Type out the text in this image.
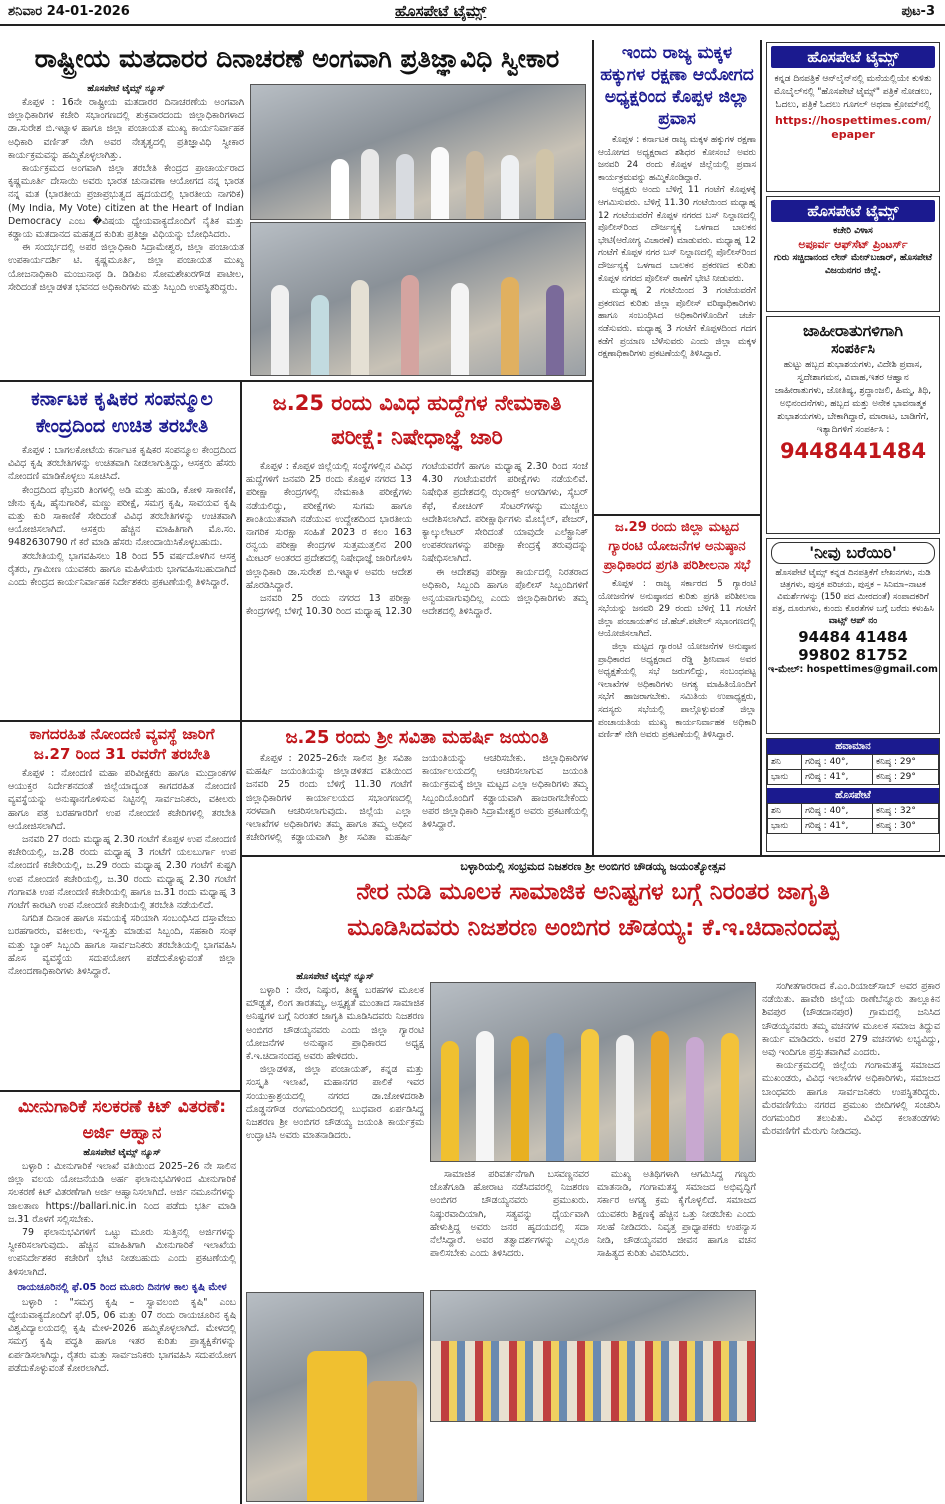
ಶನಿವಾರ 24-01-2026	ಹೊಸಪೇಟೆ ಟೈಮ್ಸ್	ಪುಟ-3
ರಾಷ್ಟ್ರೀಯ ಮತದಾರರ ದಿನಾಚರಣೆ ಅಂಗವಾಗಿ ಪ್ರತಿಜ್ಞಾವಿಧಿ ಸ್ವೀಕಾರ
ಹೊಸಪೇಟೆ ಟೈಮ್ಸ್ ನ್ಯೂಸ್

ಕೊಪ್ಪಳ : 16ನೇ ರಾಷ್ಟ್ರೀಯ ಮತದಾರರ ದಿನಾಚರಣೆಯ ಅಂಗವಾಗಿ ಜಿಲ್ಲಾಧಿಕಾರಿಗಳ ಕಚೇರಿ ಸಭಾಂಗಣದಲ್ಲಿ ಶುಕ್ರವಾರದಂದು ಜಿಲ್ಲಾಧಿಕಾರಿಗಳಾದ ಡಾ.ಸುರೇಶ ಬಿ.ಇಟ್ನಾಳ ಹಾಗೂ ಜಿಲ್ಲಾ ಪಂಚಾಯತ ಮುಖ್ಯ ಕಾರ್ಯನಿರ್ವಾಹಕ ಅಧಿಕಾರಿ ವರ್ಣಿತ್ ನೇಗಿ ಅವರ ನೇತೃತ್ವದಲ್ಲಿ ಪ್ರತಿಜ್ಞಾವಿಧಿ ಸ್ವೀಕಾರ ಕಾರ್ಯಕ್ರಮವನ್ನು ಹಮ್ಮಿಕೊಳ್ಳಲಾಗಿತ್ತು.

ಕಾರ್ಯಕ್ರಮದ ಅಂಗವಾಗಿ ಜಿಲ್ಲಾ ತರಬೇತಿ ಕೇಂದ್ರದ ಪ್ರಾಚಾರ್ಯರಾದ ಕೃಷ್ಣಮೂರ್ತಿ ದೇಸಾಯಿ ಅವರು ಭಾರತ ಚುನಾವಣಾ ಆಯೋಗದ ನನ್ನ ಭಾರತ ನನ್ನ ಮತ (ಭಾರತೀಯ ಪ್ರಜಾಪ್ರಭುತ್ವದ ಹೃದಯದಲ್ಲಿ ಭಾರತೀಯ ನಾಗರಿಕ) (My India, My Vote) citizen at the Heart of Indian Democracy ಎಂಬ �ವಿಷಯ ಧ್ಯೇಯವಾಕ್ಯದೊಂದಿಗೆ ನೈತಿಕ ಮತ್ತು ಕಡ್ಡಾಯ ಮತದಾನದ ಮಹತ್ವದ ಕುರಿತು ಪ್ರತಿಜ್ಞಾ ವಿಧಿಯನ್ನು ಬೋಧಿಸಿದರು.

ಈ ಸಂದರ್ಭದಲ್ಲಿ ಅಪರ ಜಿಲ್ಲಾಧಿಕಾರಿ ಸಿದ್ರಾಮೇಶ್ವರ, ಜಿಲ್ಲಾ ಪಂಚಾಯತ ಉಪಕಾರ್ಯದರ್ಶಿ ಟಿ. ಕೃಷ್ಣಮೂರ್ತಿ, ಜಿಲ್ಲಾ ಪಂಚಾಯತ ಮುಖ್ಯ ಯೋಜನಾಧಿಕಾರಿ ಮಂಜುನಾಥ ಡಿ. ಡಿಡಿಪಿಐ ಸೋಮಶೇಖರಗೌಡ ಪಾಟೀಲ, ಸೇರಿದಂತೆ ಜಿಲ್ಲಾಡಳಿತ ಭವನದ ಅಧಿಕಾರಿಗಳು ಮತ್ತು ಸಿಬ್ಬಂದಿ ಉಪಸ್ಥಿತರಿದ್ದರು.

ಇಂದು ರಾಜ್ಯ ಮಕ್ಕಳ ಹಕ್ಕುಗಳ ರಕ್ಷಣಾ ಆಯೋಗದ ಅಧ್ಯಕ್ಷರಿಂದ ಕೊಪ್ಪಳ ಜಿಲ್ಲಾ ಪ್ರವಾಸ

ಕೊಪ್ಪಳ : ಕರ್ನಾಟಕ ರಾಜ್ಯ ಮಕ್ಕಳ ಹಕ್ಕುಗಳ ರಕ್ಷಣಾ ಆಯೋಗದ ಅಧ್ಯಕ್ಷರಾದ ಶಶಿಧರ ಕೋಸಂಬೆ ಅವರು ಜನವರಿ 24 ರಂದು ಕೊಪ್ಪಳ ಜಿಲ್ಲೆಯಲ್ಲಿ ಪ್ರವಾಸ ಕಾರ್ಯಕ್ರಮವನ್ನು ಹಮ್ಮಿಕೊಂಡಿದ್ದಾರೆ.

ಅಧ್ಯಕ್ಷರು ಅಂದು ಬೆಳಿಗ್ಗೆ 11 ಗಂಟೆಗೆ ಕೊಪ್ಪಳಕ್ಕೆ ಆಗಮಿಸುವರು. ಬೆಳಿಗ್ಗೆ 11.30 ಗಂಟೆಯಿಂದ ಮಧ್ಯಾಹ್ನ 12 ಗಂಟೆಯವರೆಗೆ ಕೊಪ್ಪಳ ನಗರದ ಬಸ್ ನಿಲ್ದಾಣದಲ್ಲಿ ಪೊಲೀಸ್‌ರಿಂದ ದೌರ್ಜನ್ಯಕ್ಕೆ ಒಳಗಾದ ಬಾಲಕನ ಭೇಟಿ(ಆರೋಗ್ಯ ವಿಚಾರಣೆ) ಮಾಡುವರು. ಮಧ್ಯಾಹ್ನ 12 ಗಂಟೆಗೆ ಕೊಪ್ಪಳ ನಗರ ಬಸ್ ನಿಲ್ದಾಣದಲ್ಲಿ ಪೊಲೀಸ್‌ರಿಂದ ದೌರ್ಜನ್ಯಕ್ಕೆ ಒಳಗಾದ ಬಾಲಕನ ಪ್ರಕರಣದ ಕುರಿತು ಕೊಪ್ಪಳ ನಗರದ ಪೊಲೀಸ್ ಠಾಣೆಗೆ ಭೇಟಿ ನೀಡುವರು.

ಮಧ್ಯಾಹ್ನ 2 ಗಂಟೆಯಿಂದ 3 ಗಂಟೆಯವರೆಗೆ ಪ್ರಕರಣದ ಕುರಿತು ಜಿಲ್ಲಾ ಪೊಲೀಸ್ ವರಿಷ್ಠಾಧಿಕಾರಿಗಳು ಹಾಗೂ ಸಂಬಂಧಿಸಿದ ಅಧಿಕಾರಿಗಳೊಂದಿಗೆ ಚರ್ಚೆ ನಡೆಸುವರು. ಮಧ್ಯಾಹ್ನ 3 ಗಂಟೆಗೆ ಕೊಪ್ಪಳದಿಂದ ಗದಗ ಕಡೆಗೆ ಪ್ರಯಾಣ ಬೆಳೆಸುವರು ಎಂದು ಜಿಲ್ಲಾ ಮಕ್ಕಳ ರಕ್ಷಣಾಧಿಕಾರಿಗಳು ಪ್ರಕಟಣೆಯಲ್ಲಿ ತಿಳಿಸಿದ್ದಾರೆ.

ಜ.29 ರಂದು ಜಿಲ್ಲಾ ಮಟ್ಟದ ಗ್ಯಾರಂಟಿ ಯೋಜನೆಗಳ ಅನುಷ್ಠಾನ ಪ್ರಾಧಿಕಾರದ ಪ್ರಗತಿ ಪರಿಶೀಲನಾ ಸಭೆ

ಕೊಪ್ಪಳ : ರಾಜ್ಯ ಸರ್ಕಾರದ 5 ಗ್ಯಾರಂಟಿ ಯೋಜನೆಗಳ ಅನುಷ್ಠಾನದ ಕುರಿತು ಪ್ರಗತಿ ಪರಿಶೀಲನಾ ಸಭೆಯನ್ನು ಜನವರಿ 29 ರಂದು ಬೆಳಿಗ್ಗೆ 11 ಗಂಟೆಗೆ ಜಿಲ್ಲಾ ಪಂಚಾಯತ್‌ನ ಜೆ.ಹೆಚ್.ಪಟೇಲ್ ಸಭಾಂಗಣದಲ್ಲಿ ಆಯೋಜಿಸಲಾಗಿದೆ.

ಜಿಲ್ಲಾ ಮಟ್ಟದ ಗ್ಯಾರಂಟಿ ಯೋಜನೆಗಳ ಅನುಷ್ಠಾನ ಪ್ರಾಧಿಕಾರದ ಅಧ್ಯಕ್ಷರಾದ ರೆಡ್ಡಿ ಶ್ರೀನಿವಾಸ ಅವರ ಅಧ್ಯಕ್ಷತೆಯಲ್ಲಿ ಸಭೆ ಜರುಗಲಿದ್ದು, ಸಂಬಂಧಪಟ್ಟ ಇಲಾಖೆಗಳ ಅಧಿಕಾರಿಗಳು ಅಗತ್ಯ ಮಾಹಿತಿಯೊಂದಿಗೆ ಸಭೆಗೆ ಹಾಜರಾಗಬೇಕು. ಸಮಿತಿಯ ಉಪಾಧ್ಯಕ್ಷರು, ಸದಸ್ಯರು ಸಭೆಯಲ್ಲಿ ಪಾಲ್ಗೊಳ್ಳುವಂತೆ ಜಿಲ್ಲಾ ಪಂಚಾಯತಿಯ ಮುಖ್ಯ ಕಾರ್ಯನಿರ್ವಾಹಕ ಅಧಿಕಾರಿ ವರ್ಣಿತ್ ನೇಗಿ ಅವರು ಪ್ರಕಟಣೆಯಲ್ಲಿ ತಿಳಿಸಿದ್ದಾರೆ.

ಕರ್ನಾಟಕ ಕೃಷಿಕರ ಸಂಪನ್ಮೂಲ ಕೇಂದ್ರದಿಂದ ಉಚಿತ ತರಬೇತಿ

ಕೊಪ್ಪಳ : ಬಾಗಲಕೋಟೆಯ ಕರ್ನಾಟಕ ಕೃಷಿಕರ ಸಂಪನ್ಮೂಲ ಕೇಂದ್ರದಿಂದ ವಿವಿಧ ಕೃಷಿ ತರಬೇತಿಗಳನ್ನು ಉಚಿತವಾಗಿ ನೀಡಲಾಗುತ್ತಿದ್ದು, ಆಸಕ್ತರು ಹೆಸರು ನೋಂದಣಿ ಮಾಡಿಕೊಳ್ಳಲು ಸೂಚಿಸಿದೆ.

ಕೇಂದ್ರದಿಂದ ಫೆಬ್ರವರಿ ತಿಂಗಳಲ್ಲಿ ಅಡಿ ಮತ್ತು ಹುಂಡಿ, ಕೋಳಿ ಸಾಕಾಣಿಕೆ, ಜೇನು ಕೃಷಿ, ಹೈನುಗಾರಿಕೆ, ಮಣ್ಣು ಪರೀಕ್ಷೆ, ಸಮಗ್ರ ಕೃಷಿ, ಸಾವಯವ ಕೃಷಿ ಮತ್ತು ಕುರಿ ಸಾಕಾಣಿಕೆ ಸೇರಿದಂತೆ ವಿವಿಧ ತರಬೇತಿಗಳನ್ನು ಉಚಿತವಾಗಿ ಆಯೋಜಿಸಲಾಗಿದೆ. ಆಸಕ್ತರು ಹೆಚ್ಚಿನ ಮಾಹಿತಿಗಾಗಿ ಮೊ.ಸಂ. 9482630790 ಗೆ ಕರೆ ಮಾಡಿ ಹೆಸರು ನೋಂದಾಯಿಸಿಕೊಳ್ಳಬಹುದು.

ತರಬೇತಿಯಲ್ಲಿ ಭಾಗವಹಿಸಲು 18 ರಿಂದ 55 ವರ್ಷದೊಳಗಿನ ಆಸಕ್ತ ರೈತರು, ಗ್ರಾಮೀಣ ಯುವಕರು ಹಾಗೂ ಮಹಿಳೆಯರು ಭಾಗವಹಿಸಬಹುದಾಗಿದೆ ಎಂದು ಕೇಂದ್ರದ ಕಾರ್ಯನಿರ್ವಾಹಕ ನಿರ್ದೇಶಕರು ಪ್ರಕಟಣೆಯಲ್ಲಿ ತಿಳಿಸಿದ್ದಾರೆ.

ಕಾಗದರಹಿತ ನೋಂದಣಿ ವ್ಯವಸ್ಥೆ ಜಾರಿಗೆ
ಜ.27 ರಿಂದ 31 ರವರೆಗೆ ತರಬೇತಿ

ಕೊಪ್ಪಳ : ನೋಂದಣಿ ಮಹಾ ಪರಿವೀಕ್ಷಕರು ಹಾಗೂ ಮುದ್ರಾಂಕಗಳ ಆಯುಕ್ತರ ನಿರ್ದೇಶನದಂತೆ ಜಿಲ್ಲೆಯಾದ್ಯಂತ ಕಾಗದರಹಿತ ನೋಂದಣಿ ವ್ಯವಸ್ಥೆಯನ್ನು ಅನುಷ್ಠಾನಗೊಳಿಸುವ ನಿಟ್ಟಿನಲ್ಲಿ ಸಾರ್ವಜನಿಕರು, ವಕೀಲರು ಹಾಗೂ ಪತ್ರ ಬರಹಗಾರರಿಗೆ ಉಪ ನೋಂದಣಿ ಕಚೇರಿಗಳಲ್ಲಿ ತರಬೇತಿ ಆಯೋಜಿಸಲಾಗಿದೆ.

ಜನವರಿ 27 ರಂದು ಮಧ್ಯಾಹ್ನ 2.30 ಗಂಟೆಗೆ ಕೊಪ್ಪಳ ಉಪ ನೋಂದಣಿ ಕಚೇರಿಯಲ್ಲಿ, ಜ.28 ರಂದು ಮಧ್ಯಾಹ್ನ 3 ಗಂಟೆಗೆ ಯಲಬುರ್ಗಾ ಉಪ ನೋಂದಣಿ ಕಚೇರಿಯಲ್ಲಿ, ಜ.29 ರಂದು ಮಧ್ಯಾಹ್ನ 2.30 ಗಂಟೆಗೆ ಕುಷ್ಟಗಿ ಉಪ ನೋಂದಣಿ ಕಚೇರಿಯಲ್ಲಿ, ಜ.30 ರಂದು ಮಧ್ಯಾಹ್ನ 2.30 ಗಂಟೆಗೆ ಗಂಗಾವತಿ ಉಪ ನೋಂದಣಿ ಕಚೇರಿಯಲ್ಲಿ ಹಾಗೂ ಜ.31 ರಂದು ಮಧ್ಯಾಹ್ನ 3 ಗಂಟೆಗೆ ಕಾರಟಗಿ ಉಪ ನೋಂದಣಿ ಕಚೇರಿಯಲ್ಲಿ ತರಬೇತಿ ನಡೆಯಲಿದೆ.

ನಿಗದಿತ ದಿನಾಂಕ ಹಾಗೂ ಸಮಯಕ್ಕೆ ಸರಿಯಾಗಿ ಸಂಬಂಧಿಸಿದ ದಸ್ತಾವೇಜು ಬರಹಗಾರರು, ವಕೀಲರು, ಇ-ಸ್ವತ್ತು ಮಾಡುವ ಸಿಬ್ಬಂದಿ, ಸಹಕಾರಿ ಸಂಘ ಮತ್ತು ಬ್ಯಾಂಕ್ ಸಿಬ್ಬಂದಿ ಹಾಗೂ ಸಾರ್ವಜನಿಕರು ತರಬೇತಿಯಲ್ಲಿ ಭಾಗವಹಿಸಿ ಹೊಸ ವ್ಯವಸ್ಥೆಯ ಸದುಪಯೋಗ ಪಡೆದುಕೊಳ್ಳುವಂತೆ ಜಿಲ್ಲಾ ನೋಂದಣಾಧಿಕಾರಿಗಳು ತಿಳಿಸಿದ್ದಾರೆ.

ಮೀನುಗಾರಿಕೆ ಸಲಕರಣೆ ಕಿಟ್ ವಿತರಣೆ: ಅರ್ಜಿ ಆಹ್ವಾನ
ಹೊಸಪೇಟೆ ಟೈಮ್ಸ್ ನ್ಯೂಸ್

ಬಳ್ಳಾರಿ : ಮೀನುಗಾರಿಕೆ ಇಲಾಖೆ ವತಿಯಿಂದ 2025–26 ನೇ ಸಾಲಿನ ಜಿಲ್ಲಾ ವಲಯ ಯೋಜನೆಯಡಿ ಅರ್ಹ ಫಲಾನುಭವಿಗಳಿಂದ ಮೀನುಗಾರಿಕೆ ಸಲಕರಣೆ ಕಿಟ್ ವಿತರಣೆಗಾಗಿ ಅರ್ಜಿ ಆಹ್ವಾನಿಸಲಾಗಿದೆ. ಅರ್ಜಿ ನಮೂನೆಗಳನ್ನು ಜಾಲತಾಣ https://ballari.nic.in ನಿಂದ ಪಡೆದು ಭರ್ತಿ ಮಾಡಿ ಜ.31 ರೊಳಗೆ ಸಲ್ಲಿಸಬೇಕು.

79 ಫಲಾನುಭವಿಗಳಿಗೆ ಒಟ್ಟು ಮೂರು ಸುತ್ತಿನಲ್ಲಿ ಅರ್ಜಿಗಳನ್ನು ಸ್ವೀಕರಿಸಲಾಗುವುದು. ಹೆಚ್ಚಿನ ಮಾಹಿತಿಗಾಗಿ ಮೀನುಗಾರಿಕೆ ಇಲಾಖೆಯ ಉಪನಿರ್ದೇಶಕರ ಕಚೇರಿಗೆ ಭೇಟಿ ನೀಡಬಹುದು ಎಂದು ಪ್ರಕಟಣೆಯಲ್ಲಿ ತಿಳಿಸಲಾಗಿದೆ.

ರಾಯಚೂರಿನಲ್ಲಿ ಫೆ.05 ರಿಂದ ಮೂರು ದಿನಗಳ ಕಾಲ ಕೃಷಿ ಮೇಳ

ಬಳ್ಳಾರಿ : "ಸಮಗ್ರ ಕೃಷಿ – ಸ್ವಾವಲಂಬಿ ಕೃಷಿ" ಎಂಬ ಧ್ಯೇಯವಾಕ್ಯದೊಂದಿಗೆ ಫೆ.05, 06 ಮತ್ತು 07 ರಂದು ರಾಯಚೂರಿನ ಕೃಷಿ ವಿಶ್ವವಿದ್ಯಾಲಯದಲ್ಲಿ ಕೃಷಿ ಮೇಳ-2026 ಹಮ್ಮಿಕೊಳ್ಳಲಾಗಿದೆ. ಮೇಳದಲ್ಲಿ ಸಮಗ್ರ ಕೃಷಿ ಪದ್ಧತಿ ಹಾಗೂ ಇತರ ಕುರಿತು ಪ್ರಾತ್ಯಕ್ಷಿಕೆಗಳನ್ನು ಏರ್ಪಡಿಸಲಾಗಿದ್ದು, ರೈತರು ಮತ್ತು ಸಾರ್ವಜನಿಕರು ಭಾಗವಹಿಸಿ ಸದುಪಯೋಗ ಪಡೆದುಕೊಳ್ಳುವಂತೆ ಕೋರಲಾಗಿದೆ.

ಜ.25 ರಂದು ವಿವಿಧ ಹುದ್ದೆಗಳ ನೇಮಕಾತಿ ಪರೀಕ್ಷೆ: ನಿಷೇಧಾಜ್ಞೆ ಜಾರಿ

ಕೊಪ್ಪಳ : ಕೊಪ್ಪಳ ಜಿಲ್ಲೆಯಲ್ಲಿ ಸಂಸ್ಥೆಗಳಲ್ಲಿನ ವಿವಿಧ ಹುದ್ದೆಗಳಿಗೆ ಜನವರಿ 25 ರಂದು ಕೊಪ್ಪಳ ನಗರದ 13 ಪರೀಕ್ಷಾ ಕೇಂದ್ರಗಳಲ್ಲಿ ನೇಮಕಾತಿ ಪರೀಕ್ಷೆಗಳು ನಡೆಯಲಿದ್ದು, ಪರೀಕ್ಷೆಗಳು ಸುಗಮ ಹಾಗೂ ಶಾಂತಿಯುತವಾಗಿ ನಡೆಯುವ ಉದ್ದೇಶದಿಂದ ಭಾರತೀಯ ನಾಗರಿಕ ಸುರಕ್ಷಾ ಸಂಹಿತೆ 2023 ರ ಕಲಂ 163 ರನ್ವಯ ಪರೀಕ್ಷಾ ಕೇಂದ್ರಗಳ ಸುತ್ತಮುತ್ತಲಿನ 200 ಮೀಟರ್ ಅಂತರದ ಪ್ರದೇಶದಲ್ಲಿ ನಿಷೇಧಾಜ್ಞೆ ಜಾರಿಗೊಳಿಸಿ ಜಿಲ್ಲಾಧಿಕಾರಿ ಡಾ.ಸುರೇಶ ಬಿ.ಇಟ್ನಾಳ ಅವರು ಆದೇಶ ಹೊರಡಿಸಿದ್ದಾರೆ.

ಜನವರಿ 25 ರಂದು ನಗರದ 13 ಪರೀಕ್ಷಾ ಕೇಂದ್ರಗಳಲ್ಲಿ ಬೆಳಿಗ್ಗೆ 10.30 ರಿಂದ ಮಧ್ಯಾಹ್ನ 12.30 ಗಂಟೆಯವರೆಗೆ ಹಾಗೂ ಮಧ್ಯಾಹ್ನ 2.30 ರಿಂದ ಸಂಜೆ 4.30 ಗಂಟೆಯವರೆಗೆ ಪರೀಕ್ಷೆಗಳು ನಡೆಯಲಿವೆ. ನಿಷೇಧಿತ ಪ್ರದೇಶದಲ್ಲಿ ಝರಾಕ್ಸ್ ಅಂಗಡಿಗಳು, ಸೈಬರ್ ಕೆಫೆ, ಕೋಚಿಂಗ್ ಸೆಂಟರ್‌ಗಳನ್ನು ಮುಚ್ಚಲು ಆದೇಶಿಸಲಾಗಿದೆ. ಪರೀಕ್ಷಾರ್ಥಿಗಳು ಮೊಬೈಲ್, ಪೇಜರ್, ಕ್ಯಾಲ್ಕುಲೇಟರ್ ಸೇರಿದಂತೆ ಯಾವುದೇ ಎಲೆಕ್ಟ್ರಾನಿಕ್ ಉಪಕರಣಗಳನ್ನು ಪರೀಕ್ಷಾ ಕೇಂದ್ರಕ್ಕೆ ತರುವುದನ್ನು ನಿಷೇಧಿಸಲಾಗಿದೆ.

ಈ ಆದೇಶವು ಪರೀಕ್ಷಾ ಕಾರ್ಯದಲ್ಲಿ ನಿರತರಾದ ಅಧಿಕಾರಿ, ಸಿಬ್ಬಂದಿ ಹಾಗೂ ಪೊಲೀಸ್ ಸಿಬ್ಬಂದಿಗಳಿಗೆ ಅನ್ವಯವಾಗುವುದಿಲ್ಲ ಎಂದು ಜಿಲ್ಲಾಧಿಕಾರಿಗಳು ತಮ್ಮ ಆದೇಶದಲ್ಲಿ ತಿಳಿಸಿದ್ದಾರೆ.

ಜ.25 ರಂದು ಶ್ರೀ ಸವಿತಾ ಮಹರ್ಷಿ ಜಯಂತಿ

ಕೊಪ್ಪಳ : 2025–26ನೇ ಸಾಲಿನ ಶ್ರೀ ಸವಿತಾ ಮಹರ್ಷಿ ಜಯಂತಿಯನ್ನು ಜಿಲ್ಲಾಡಳಿತದ ವತಿಯಿಂದ ಜನವರಿ 25 ರಂದು ಬೆಳಿಗ್ಗೆ 11.30 ಗಂಟೆಗೆ ಜಿಲ್ಲಾಧಿಕಾರಿಗಳ ಕಾರ್ಯಾಲಯದ ಸಭಾಂಗಣದಲ್ಲಿ ಸರಳವಾಗಿ ಆಚರಿಸಲಾಗುವುದು. ಜಿಲ್ಲೆಯ ಎಲ್ಲಾ ಇಲಾಖೆಗಳ ಅಧಿಕಾರಿಗಳು ತಮ್ಮ ಹಾಗೂ ತಮ್ಮ ಅಧೀನ ಕಚೇರಿಗಳಲ್ಲಿ ಕಡ್ಡಾಯವಾಗಿ ಶ್ರೀ ಸವಿತಾ ಮಹರ್ಷಿ ಜಯಂತಿಯನ್ನು ಆಚರಿಸಬೇಕು. ಜಿಲ್ಲಾಧಿಕಾರಿಗಳ ಕಾರ್ಯಾಲಯದಲ್ಲಿ ಆಚರಿಸಲಾಗುವ ಜಯಂತಿ ಕಾರ್ಯಕ್ರಮಕ್ಕೆ ಜಿಲ್ಲಾ ಮಟ್ಟದ ಎಲ್ಲಾ ಅಧಿಕಾರಿಗಳು ತಮ್ಮ ಸಿಬ್ಬಂದಿಯೊಂದಿಗೆ ಕಡ್ಡಾಯವಾಗಿ ಹಾಜರಾಗಬೇಕೆಂದು ಅಪರ ಜಿಲ್ಲಾಧಿಕಾರಿ ಸಿದ್ರಾಮೇಶ್ವರ ಅವರು ಪ್ರಕಟಣೆಯಲ್ಲಿ ತಿಳಿಸಿದ್ದಾರೆ.

ಬಳ್ಳಾರಿಯಲ್ಲಿ ಸಂಭ್ರಮದ ನಿಜಶರಣ ಶ್ರೀ ಅಂಬಿಗರ ಚೌಡಯ್ಯ ಜಯಂತ್ಯೋತ್ಸವ
ನೇರ ನುಡಿ ಮೂಲಕ ಸಾಮಾಜಿಕ ಅನಿಷ್ಟಗಳ ಬಗ್ಗೆ ನಿರಂತರ ಜಾಗೃತಿ
ಮೂಡಿಸಿದವರು ನಿಜಶರಣ ಅಂಬಿಗರ ಚೌಡಯ್ಯ: ಕೆ.ಇ.ಚಿದಾನಂದಪ್ಪ
ಹೊಸಪೇಟೆ ಟೈಮ್ಸ್ ನ್ಯೂಸ್

ಬಳ್ಳಾರಿ : ನೇರ, ನಿಷ್ಠುರ, ತೀಕ್ಷ್ಣ ಬರಹಗಳ ಮೂಲಕ ಮೌಢ್ಯತೆ, ಲಿಂಗ ತಾರತಮ್ಯ, ಅಸ್ಪೃಶ್ಯತೆ ಮುಂತಾದ ಸಾಮಾಜಿಕ ಅನಿಷ್ಟಗಳ ಬಗ್ಗೆ ನಿರಂತರ ಜಾಗೃತಿ ಮೂಡಿಸಿದವರು ನಿಜಶರಣ ಅಂಬಿಗರ ಚೌಡಯ್ಯನವರು ಎಂದು ಜಿಲ್ಲಾ ಗ್ಯಾರಂಟಿ ಯೋಜನೆಗಳ ಅನುಷ್ಠಾನ ಪ್ರಾಧಿಕಾರದ ಅಧ್ಯಕ್ಷ ಕೆ.ಇ.ಚಿದಾನಂದಪ್ಪ ಅವರು ಹೇಳಿದರು.

ಜಿಲ್ಲಾಡಳಿತ, ಜಿಲ್ಲಾ ಪಂಚಾಯತ್, ಕನ್ನಡ ಮತ್ತು ಸಂಸ್ಕೃತಿ ಇಲಾಖೆ, ಮಹಾನಗರ ಪಾಲಿಕೆ ಇವರ ಸಂಯುಕ್ತಾಶ್ರಯದಲ್ಲಿ ನಗರದ ಡಾ.ಜೋಳದರಾಶಿ ದೊಡ್ಡನಗೌಡ ರಂಗಮಂದಿರದಲ್ಲಿ ಬುಧವಾರ ಏರ್ಪಡಿಸಿದ್ದ ನಿಜಶರಣ ಶ್ರೀ ಅಂಬಿಗರ ಚೌಡಯ್ಯ ಜಯಂತಿ ಕಾರ್ಯಕ್ರಮ ಉದ್ಘಾಟಿಸಿ ಅವರು ಮಾತನಾಡಿದರು.

ಸಂಗೀತಗಾರರಾದ ಕೆ.ಎಂ.ರಿಯಾಜ್‌ಸಾಬ್ ಅವರ ಪ್ರಕಾರ ನಡೆಯಿತು. ಹಾವೇರಿ ಜಿಲ್ಲೆಯ ರಾಣೆಬೆನ್ನೂರು ತಾಲ್ಲೂಕಿನ ಶಿವಪುರ (ಚೌಡದಾನಪುರ) ಗ್ರಾಮದಲ್ಲಿ ಜನಿಸಿದ ಚೌಡಯ್ಯನವರು ತಮ್ಮ ವಚನಗಳ ಮೂಲಕ ಸಮಾಜ ತಿದ್ದುವ ಕಾರ್ಯ ಮಾಡಿದರು. ಅವರ 279 ವಚನಗಳು ಲಭ್ಯವಿದ್ದು, ಅವು ಇಂದಿಗೂ ಪ್ರಸ್ತುತವಾಗಿವೆ ಎಂದರು.

ಕಾರ್ಯಕ್ರಮದಲ್ಲಿ ಜಿಲ್ಲೆಯ ಗಂಗಾಮತಸ್ಥ ಸಮಾಜದ ಮುಖಂಡರು, ವಿವಿಧ ಇಲಾಖೆಗಳ ಅಧಿಕಾರಿಗಳು, ಸಮಾಜದ ಬಾಂಧವರು ಹಾಗೂ ಸಾರ್ವಜನಿಕರು ಉಪಸ್ಥಿತರಿದ್ದರು. ಮೆರವಣಿಗೆಯು ನಗರದ ಪ್ರಮುಖ ಬೀದಿಗಳಲ್ಲಿ ಸಂಚರಿಸಿ ರಂಗಮಂದಿರ ತಲುಪಿತು. ವಿವಿಧ ಕಲಾತಂಡಗಳು ಮೆರವಣಿಗೆಗೆ ಮೆರುಗು ನೀಡಿದವು.

ಸಾಮಾಜಿಕ ಪರಿವರ್ತನೆಗಾಗಿ ಬಸವಣ್ಣನವರ ಜೊತೆಗೂಡಿ ಹೋರಾಟ ನಡೆಸಿದವರಲ್ಲಿ ನಿಜಶರಣ ಅಂಬಿಗರ ಚೌಡಯ್ಯನವರು ಪ್ರಮುಖರು. ನಿಷ್ಠುರವಾದಿಯಾಗಿ, ಸತ್ಯವನ್ನು ಧೈರ್ಯವಾಗಿ ಹೇಳುತ್ತಿದ್ದ ಅವರು ಜನರ ಹೃದಯದಲ್ಲಿ ಸದಾ ನೆಲೆಸಿದ್ದಾರೆ. ಅವರ ತತ್ವಾದರ್ಶಗಳನ್ನು ಎಲ್ಲರೂ ಪಾಲಿಸಬೇಕು ಎಂದು ತಿಳಿಸಿದರು.

ಮುಖ್ಯ ಅತಿಥಿಗಳಾಗಿ ಆಗಮಿಸಿದ್ದ ಗಣ್ಯರು ಮಾತನಾಡಿ, ಗಂಗಾಮತಸ್ಥ ಸಮಾಜದ ಅಭಿವೃದ್ಧಿಗೆ ಸರ್ಕಾರ ಅಗತ್ಯ ಕ್ರಮ ಕೈಗೊಳ್ಳಲಿದೆ. ಸಮಾಜದ ಯುವಕರು ಶಿಕ್ಷಣಕ್ಕೆ ಹೆಚ್ಚಿನ ಒತ್ತು ನೀಡಬೇಕು ಎಂದು ಸಲಹೆ ನೀಡಿದರು. ನಿವೃತ್ತ ಪ್ರಾಧ್ಯಾಪಕರು ಉಪನ್ಯಾಸ ನೀಡಿ, ಚೌಡಯ್ಯನವರ ಜೀವನ ಹಾಗೂ ವಚನ ಸಾಹಿತ್ಯದ ಕುರಿತು ವಿವರಿಸಿದರು.

ಹೊಸಪೇಟೆ ಟೈಮ್ಸ್
ಕನ್ನಡ ದಿನಪತ್ರಿಕೆ ಆನ್‌ಲೈನ್‌ನಲ್ಲಿ ಮನೆಯಲ್ಲಿಯೇ ಕುಳಿತು ಮೊಬೈಲ್‌ನಲ್ಲಿ "ಹೊಸಪೇಟೆ ಟೈಮ್ಸ್" ಪತ್ರಿಕೆ ನೋಡಲು, ಓದಲು, ಪತ್ರಿಕೆ ಓದಲು ಗೂಗಲ್ ಅಥವಾ ಕ್ರೋಮ್‌ನಲ್ಲಿ
https://hospettimes.com/ epaper
ಹೊಸಪೇಟೆ ಟೈಮ್ಸ್
ಕಚೇರಿ ವಿಳಾಸ
ಅಪೂರ್ವ ಆಫ್‌ಸೆಟ್ ಪ್ರಿಂಟರ್ಸ್
ಗುರು ಸಚ್ಚಿದಾನಂದ ಲೇನ್ ಮೇನ್‌ಬಜಾರ್, ಹೊಸಪೇಟೆ ವಿಜಯನಗರ ಜಿಲ್ಲೆ.
ಜಾಹೀರಾತುಗಳಿಗಾಗಿ
ಸಂಪರ್ಕಿಸಿ
ಹುಟ್ಟು ಹಬ್ಬದ ಶುಭಾಶಯಗಳು, ವಿದೇಶಿ ಪ್ರವಾಸ, ಸ್ವದೇಶಾಗಮನ, ವಿವಾಹ,ಇತರ ಆಹ್ವಾನ ಜಾಹೀರಾತುಗಳು, ಜೋತಿಷ್ಯ, ಶ್ರದ್ಧಾಂಜಲಿ, ಹಿಮ್ಮ, ತಿಥಿ, ಅಭಿನಂದನೆಗಳು, ಹಬ್ಬದ ಮತ್ತು ಅನೇಕ ಭಾವನಾತ್ಮಕ ಶುಭಾಶಯಗಳು, ಬೇಕಾಗಿದ್ದಾರೆ, ಮಾರಾಟ, ಬಾಡಿಗೆಗೆ, ಇತ್ಯಾದಿಗಳಿಗೆ ಸಂಪರ್ಕಿಸಿ :
9448441484
'ನೀವು ಬರೆಯಿರಿ'
ಹೊಸಪೇಟೆ ಟೈಮ್ಸ್ ಕನ್ನಡ ದಿನಪತ್ರಿಕೆಗೆ ಲೇಖನಗಳು, ನುಡಿ ಚಿತ್ರಗಳು, ಪುಸ್ತಕ ಪರಿಚಯ, ಪುಸ್ತಕ – ಸಿನಿಮಾ–ನಾಟಕ ವಿಮರ್ಶೆಗಳನ್ನು (150 ಪದ ಮೀರದಂತೆ) ಸಂಪಾದಕರಿಗೆ ಪತ್ರ, ದೂರುಗಳು, ಕುಂದು ಕೊರತೆಗಳ ಬಗ್ಗೆ ಬರೆದು ಕಳುಹಿಸಿ
ವಾಟ್ಸ್ ಆಪ್ ನಂ
94484 41484
99802 81752
ಇ-ಮೇಲ್: hospettimes@gmail.com
ಹವಾಮಾನ
ಶನಿ	ಗರಿಷ್ಠ : 40°,	ಕನಿಷ್ಠ : 29°
ಭಾನು	ಗರಿಷ್ಠ : 41°,	ಕನಿಷ್ಠ : 29°
ಹೊಸಪೇಟೆ
ಶನಿ	ಗರಿಷ್ಠ : 40°,	ಕನಿಷ್ಠ : 32°
ಭಾನು	ಗರಿಷ್ಠ : 41°,	ಕನಿಷ್ಠ : 30°
